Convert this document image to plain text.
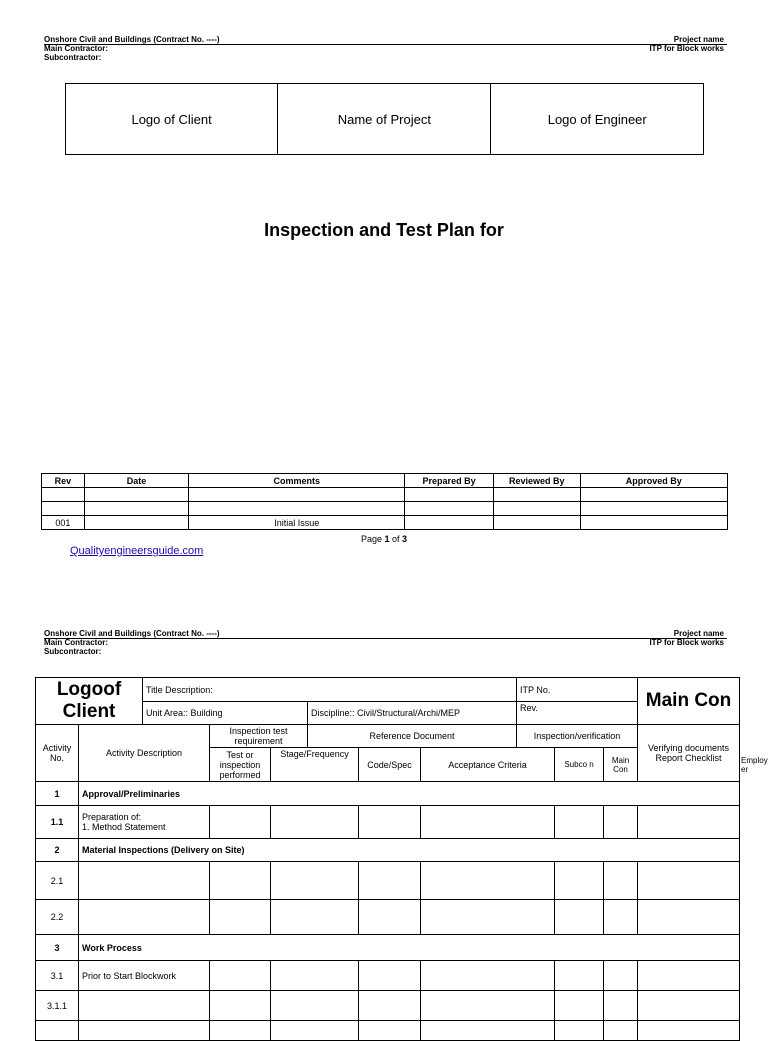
Onshore Civil and Buildings (Contract No. ----)
Main Contractor:
Subcontractor:
Project name
ITP for Block works
Logo of Client	Name of Project	Logo of Engineer
Inspection and Test Plan for
Rev	Date	Comments	Prepared By	Reviewed By	Approved By

001		Initial Issue			
Page 1 of 3
Qualityengineersguide.com
Onshore Civil and Buildings (Contract No. ----)
Main Contractor:
Subcontractor:
Project name
ITP for Block works
Logoof Client		Title Description:						ITP No.			Main Con	
		Unit Area:: Building			Discipline:: Civil/Structural/Archi/MEP			Rev.				
Activity No.	Activity Description		Inspection test requirement		Reference Document			Inspection/verification			Verifying documents Report Checklist	
			Test or inspection performed	Stage/Frequency		Code/Spec	Acceptance Criteria		Subco n	Main Con		Employ er
1	Approval/Preliminaries											
1.1	Preparation of:
1. Method Statement											

2	Material Inspections (Delivery on Site)											
2.1												
2.2												
3	Work Process											
3.1	Prior to Start Blockwork											
3.1.1												
